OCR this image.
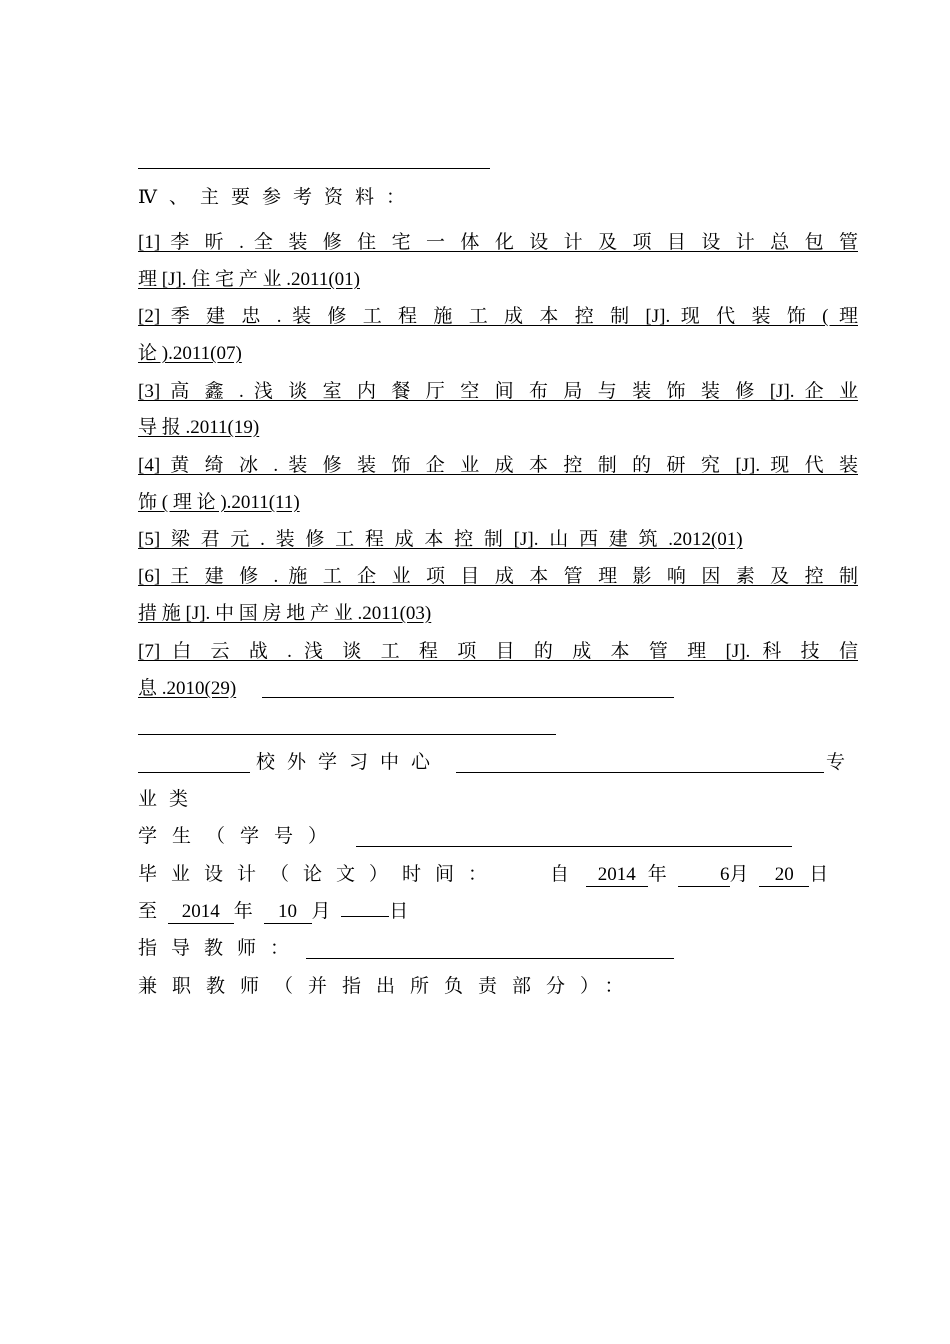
Ⅳ、主要参考资料：
[1] 李 昕 . 全 装 修 住 宅 一 体 化 设 计 及 项 目 设 计 总 包 管
理 [J]. 住 宅 产 业 .2011(01)
[2] 季 建 忠 . 装 修 工 程 施 工 成 本 控 制 [J]. 现 代 装 饰 ( 理
论 ).2011(07)
[3] 高 鑫 . 浅 谈 室 内 餐 厅 空 间 布 局 与 装 饰 装 修 [J]. 企 业
导 报 .2011(19)
[4] 黄 绮 冰 . 装 修 装 饰 企 业 成 本 控 制 的 研 究 [J]. 现 代 装
饰 ( 理 论 ).2011(11)
[5] 梁 君 元 . 装 修 工 程 成 本 控 制 [J]. 山 西 建 筑 .2012(01)
[6] 王 建 修 . 施 工 企 业 项 目 成 本 管 理 影 响 因 素 及 控 制
措 施 [J]. 中 国 房 地 产 业 .2011(03)
[7] 白 云 战 . 浅 谈 工 程 项 目 的 成 本 管 理 [J]. 科 技 信
息 .2010(29)
校外学习中心	专
业类
学生（学号）
毕业设计（论文）时间：	自 2014 年	6月 20 日
至 2014 年 10 月	日
指导教师：
兼职教师（并指出所负责部分）：
